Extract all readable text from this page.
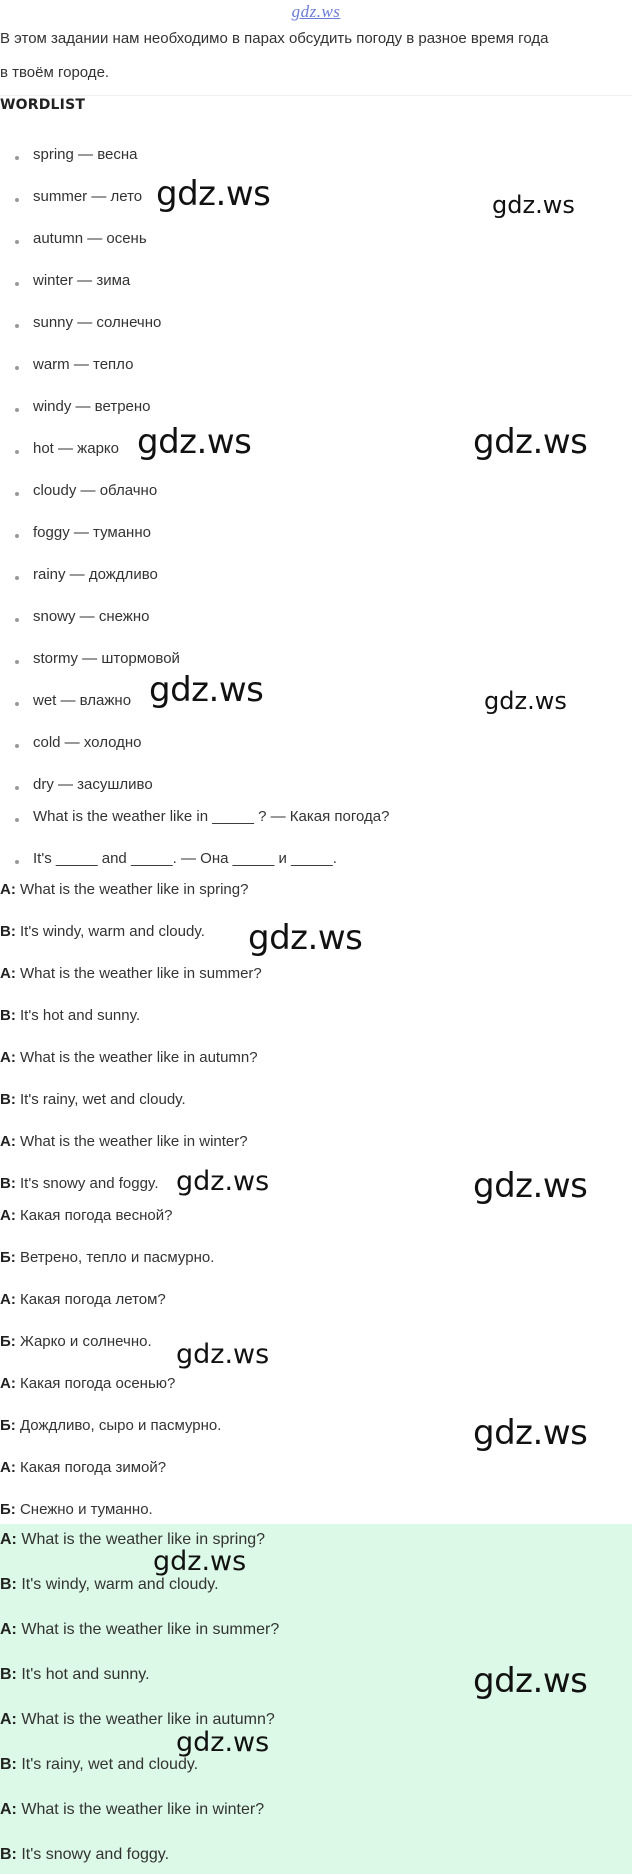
gdz.ws
В этом задании нам необходимо в парах обсудить погоду в разное время года
в твоём городе.
WORDLIST
spring — весна
summer — лето
autumn — осень
winter — зима
sunny — солнечно
warm — тепло
windy — ветрено
hot — жарко
cloudy — облачно
foggy — туманно
rainy — дождливо
snowy — снежно
stormy — штормовой
wet — влажно
cold — холодно
dry — засушливо
What is the weather like in _____ ? — Какая погода?
It's _____ and _____. — Она _____ и _____.
A: What is the weather like in spring?
B: It's windy, warm and cloudy.
A: What is the weather like in summer?
B: It's hot and sunny.
A: What is the weather like in autumn?
B: It's rainy, wet and cloudy.
A: What is the weather like in winter?
B: It's snowy and foggy.
А: Какая погода весной?
Б: Ветрено, тепло и пасмурно.
А: Какая погода летом?
Б: Жарко и солнечно.
А: Какая погода осенью?
Б: Дождливо, сыро и пасмурно.
А: Какая погода зимой?
Б: Снежно и туманно.
A: What is the weather like in spring?
B: It's windy, warm and cloudy.
A: What is the weather like in summer?
B: It's hot and sunny.
A: What is the weather like in autumn?
B: It's rainy, wet and cloudy.
A: What is the weather like in winter?
B: It's snowy and foggy.
gdz.ws	gdz.ws
gdz.ws	gdz.ws
gdz.ws	gdz.ws
gdz.ws
gdz.ws	gdz.ws
gdz.ws
gdz.ws
gdz.ws
gdz.ws
gdz.ws
